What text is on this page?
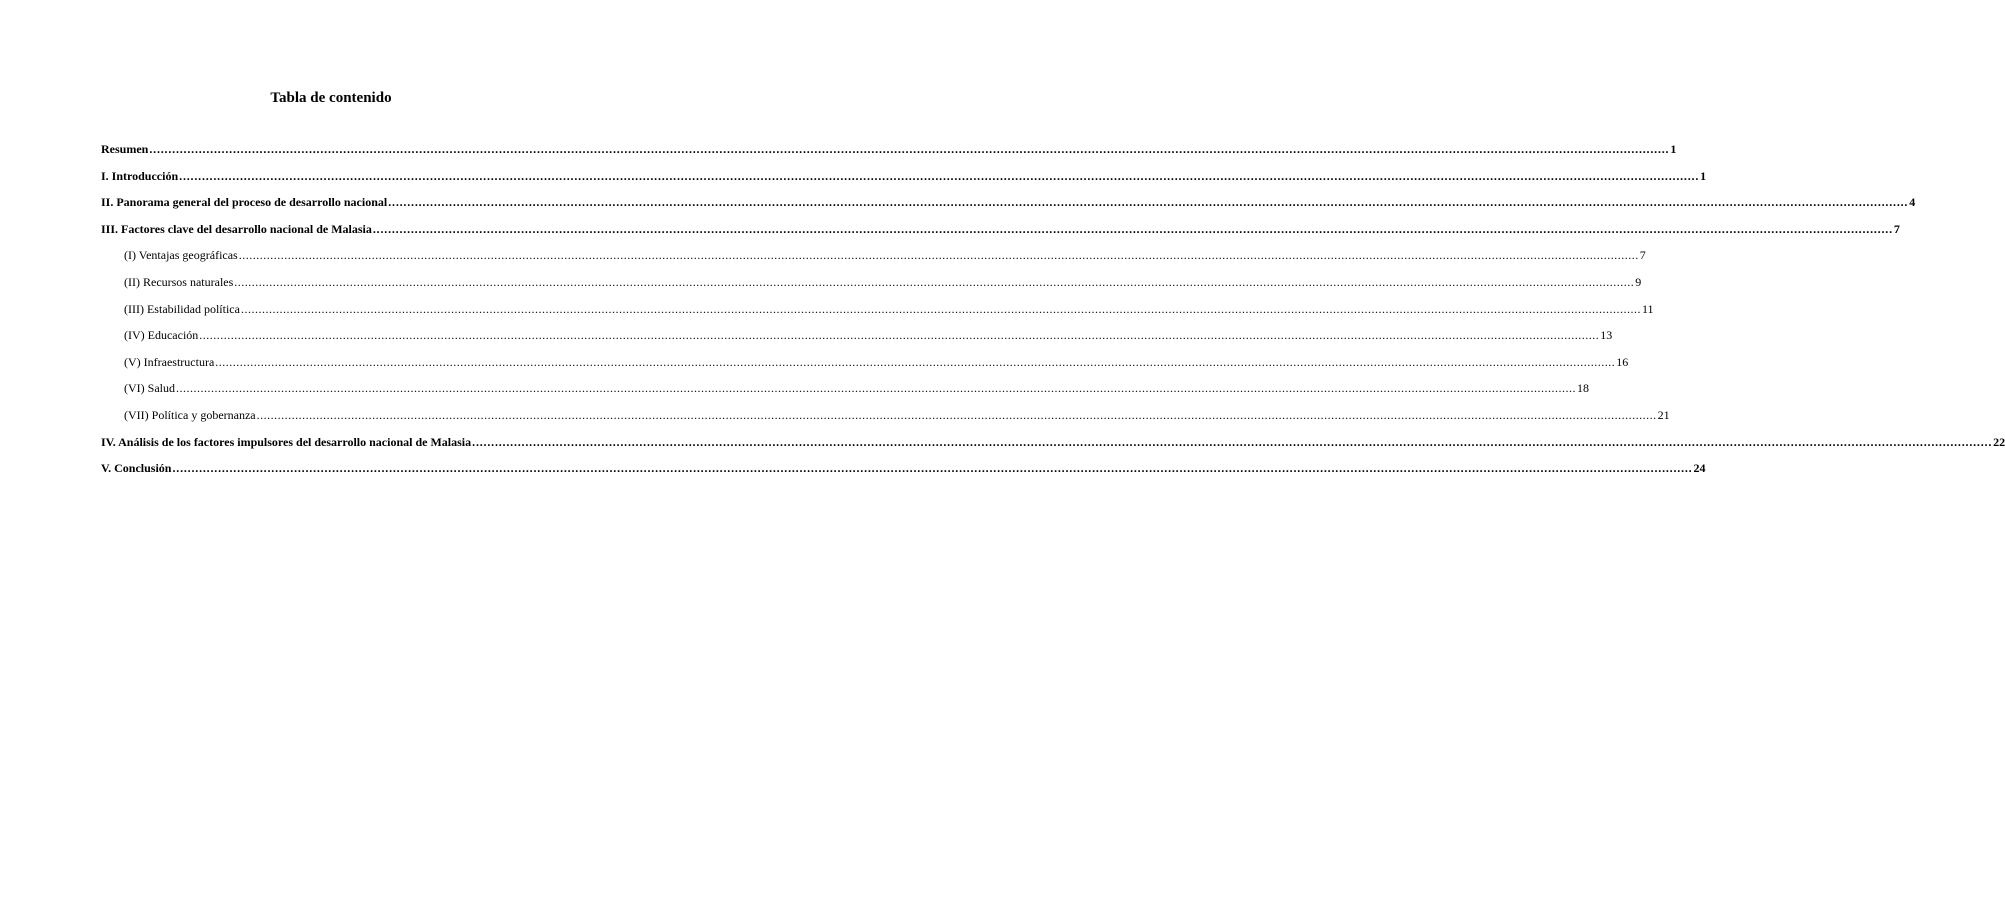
Tabla de contenido
Resumen ................................................................................................................................................................................................................................................................................................................................................................................................................ 1
I. Introducción ................................................................................................................................................................................................................................................................................................................................................................................................................ 1
II. Panorama general del proceso de desarrollo nacional ................................................................................................................................................................................................................................................................................................................................................................................................................ 4
III. Factores clave del desarrollo nacional de Malasia ................................................................................................................................................................................................................................................................................................................................................................................................................ 7
(I) Ventajas geográficas ................................................................................................................................................................................................................................................................................................................................................................................................................ 7
(II) Recursos naturales ................................................................................................................................................................................................................................................................................................................................................................................................................ 9
(III) Estabilidad política ................................................................................................................................................................................................................................................................................................................................................................................................................ 11
(IV) Educación ................................................................................................................................................................................................................................................................................................................................................................................................................ 13
(V) Infraestructura ................................................................................................................................................................................................................................................................................................................................................................................................................ 16
(VI) Salud ................................................................................................................................................................................................................................................................................................................................................................................................................ 18
(VII) Política y gobernanza ................................................................................................................................................................................................................................................................................................................................................................................................................ 21
IV. Análisis de los factores impulsores del desarrollo nacional de Malasia ................................................................................................................................................................................................................................................................................................................................................................................................................ 22
V. Conclusión ................................................................................................................................................................................................................................................................................................................................................................................................................ 24
